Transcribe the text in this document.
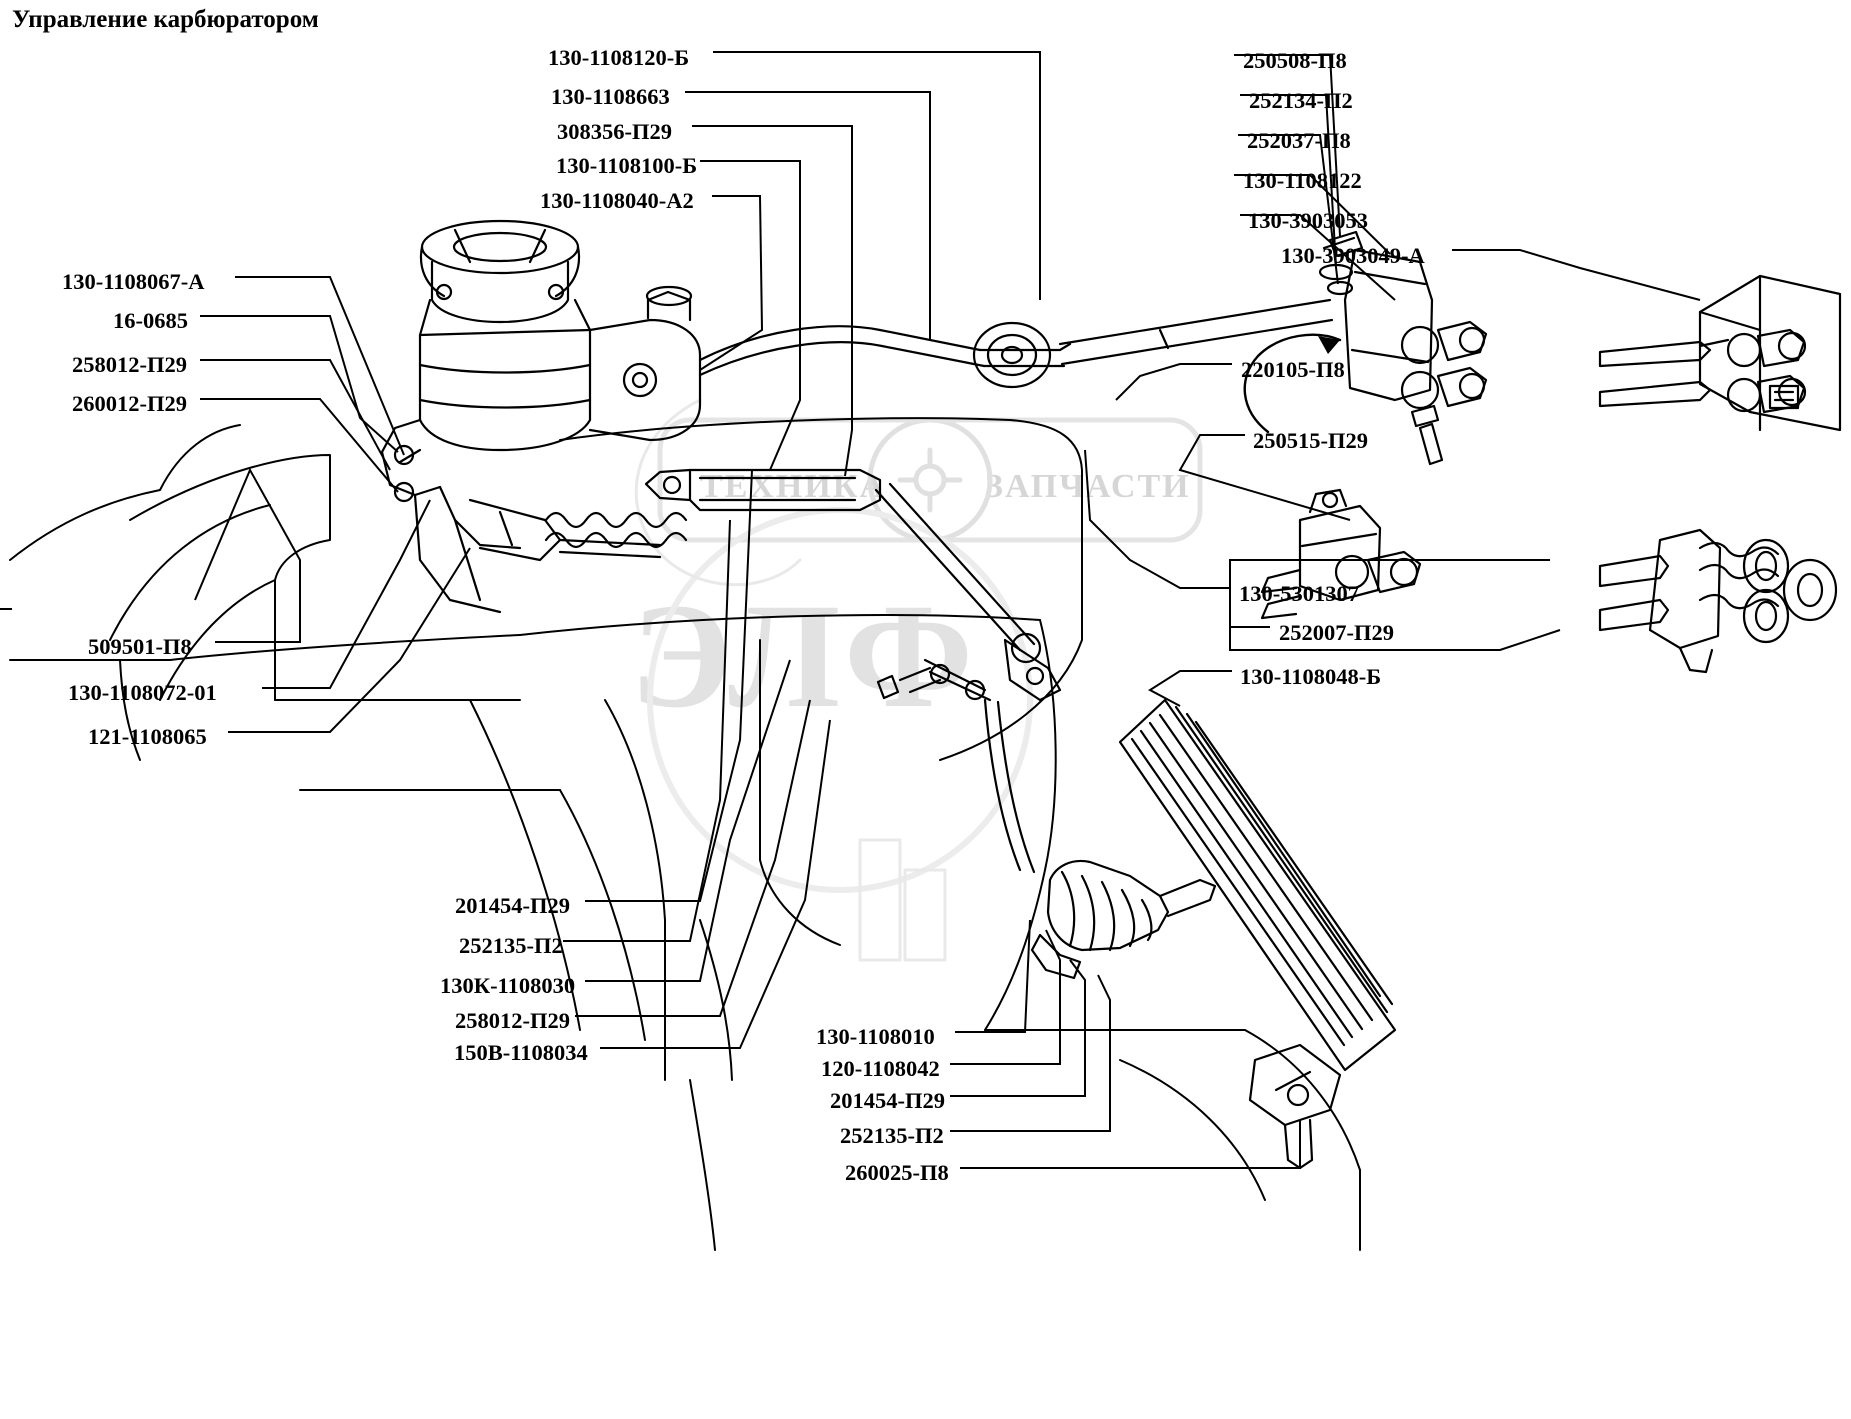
Управление карбюратором
ТЕХНИКА	ЗАПЧАСТИ
ЭЛФ
130-1108120-Б
130-1108663
308356-П29
130-1108100-Б
130-1108040-А2
130-1108067-А
16-0685
258012-П29
260012-П29
509501-П8
130-1108072-01
121-1108065
201454-П29
252135-П2
130К-1108030
258012-П29
150В-1108034
130-1108010
120-1108042
201454-П29
252135-П2
260025-П8
250508-П8
252134-П2
252037-П8
130-1108122
130-3903053
130-3903049-А
220105-П8
250515-П29
130-5301307
252007-П29
130-1108048-Б
